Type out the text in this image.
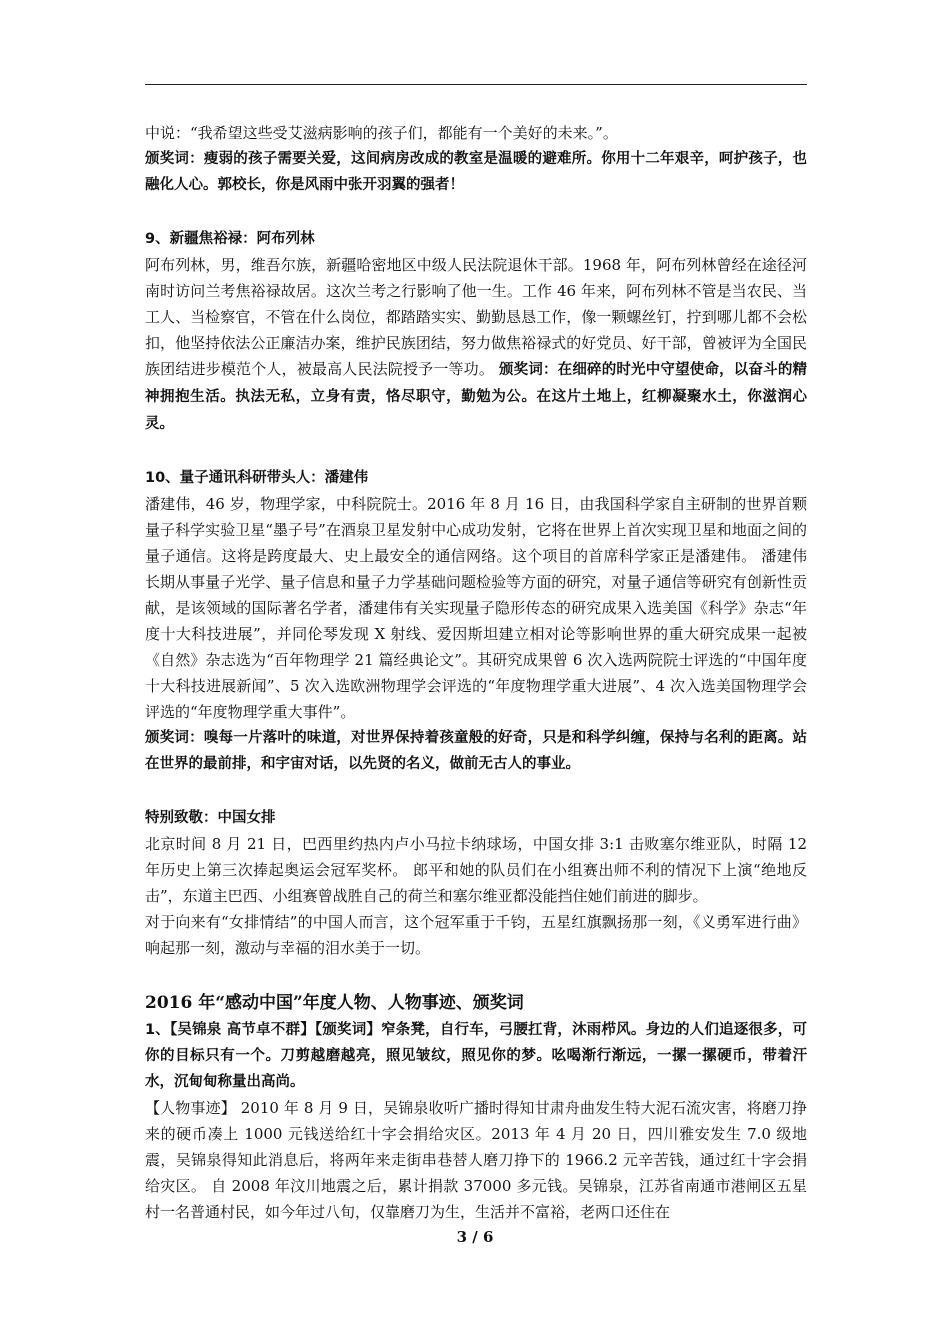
中说：“我希望这些受艾滋病影响的孩子们，都能有一个美好的未来。”。

颁奖词：瘦弱的孩子需要关爱，这间病房改成的教室是温暖的避难所。你用十二年艰辛，呵护孩子，也融化人心。郭校长，你是风雨中张开羽翼的强者！

9、新疆焦裕禄：阿布列林

阿布列林，男，维吾尔族，新疆哈密地区中级人民法院退休干部。1968 年，阿布列林曾经在途径河南时访问兰考焦裕禄故居。这次兰考之行影响了他一生。工作 46 年来，阿布列林不管是当农民、当工人、当检察官，不管在什么岗位，都踏踏实实、勤勤恳恳工作，像一颗螺丝钉，拧到哪儿都不会松扣，他坚持依法公正廉洁办案，维护民族团结，努力做焦裕禄式的好党员、好干部，曾被评为全国民族团结进步模范个人，被最高人民法院授予一等功。 颁奖词：在细碎的时光中守望使命，以奋斗的精神拥抱生活。执法无私，立身有责，恪尽职守，勤勉为公。在这片土地上，红柳凝聚水土，你滋润心灵。

10、量子通讯科研带头人：潘建伟

潘建伟，46 岁，物理学家，中科院院士。2016 年 8 月 16 日，由我国科学家自主研制的世界首颗量子科学实验卫星“墨子号”在酒泉卫星发射中心成功发射，它将在世界上首次实现卫星和地面之间的量子通信。这将是跨度最大、史上最安全的通信网络。这个项目的首席科学家正是潘建伟。 潘建伟长期从事量子光学、量子信息和量子力学基础问题检验等方面的研究，对量子通信等研究有创新性贡献，是该领域的国际著名学者，潘建伟有关实现量子隐形传态的研究成果入选美国《科学》杂志“年度十大科技进展”，并同伦琴发现 X 射线、爱因斯坦建立相对论等影响世界的重大研究成果一起被《自然》杂志选为“百年物理学 21 篇经典论文”。其研究成果曾 6 次入选两院院士评选的“中国年度十大科技进展新闻”、5 次入选欧洲物理学会评选的“年度物理学重大进展”、4 次入选美国物理学会评选的“年度物理学重大事件”。

颁奖词：嗅每一片落叶的味道，对世界保持着孩童般的好奇，只是和科学纠缠，保持与名利的距离。站在世界的最前排，和宇宙对话，以先贤的名义，做前无古人的事业。

特别致敬：中国女排

北京时间 8 月 21 日，巴西里约热内卢小马拉卡纳球场，中国女排 3:1 击败塞尔维亚队，时隔 12 年历史上第三次捧起奥运会冠军奖杯。 郎平和她的队员们在小组赛出师不利的情况下上演“绝地反击”，东道主巴西、小组赛曾战胜自己的荷兰和塞尔维亚都没能挡住她们前进的脚步。

对于向来有“女排情结”的中国人而言，这个冠军重于千钧，五星红旗飘扬那一刻，《义勇军进行曲》响起那一刻，激动与幸福的泪水美于一切。

2016 年“感动中国”年度人物、人物事迹、颁奖词

1、【吴锦泉 高节卓不群】【颁奖词】窄条凳，自行车，弓腰扛背，沐雨栉风。身边的人们追逐很多，可你的目标只有一个。刀剪越磨越亮，照见皱纹，照见你的梦。吆喝渐行渐远，一摞一摞硬币，带着汗水，沉甸甸称量出高尚。

【人物事迹】 2010 年 8 月 9 日，吴锦泉收听广播时得知甘肃舟曲发生特大泥石流灾害，将磨刀挣来的硬币凑上 1000 元钱送给红十字会捐给灾区。2013 年 4 月 20 日，四川雅安发生 7.0 级地震，吴锦泉得知此消息后，将两年来走街串巷替人磨刀挣下的 1966.2 元辛苦钱，通过红十字会捐给灾区。 自 2008 年汶川地震之后，累计捐款 37000 多元钱。吴锦泉，江苏省南通市港闸区五星村一名普通村民，如今年过八旬，仅靠磨刀为生，生活并不富裕，老两口还住在

3 / 6
